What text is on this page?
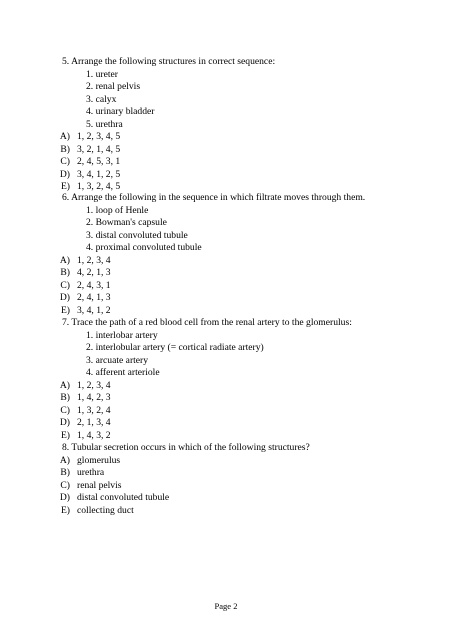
5. Arrange the following structures in correct sequence:
1. ureter
2. renal pelvis
3. calyx
4. urinary bladder
5. urethra
A) 1, 2, 3, 4, 5
B) 3, 2, 1, 4, 5
C) 2, 4, 5, 3, 1
D) 3, 4, 1, 2, 5
E) 1, 3, 2, 4, 5
6. Arrange the following in the sequence in which filtrate moves through them.
1. loop of Henle
2. Bowman's capsule
3. distal convoluted tubule
4. proximal convoluted tubule
A) 1, 2, 3, 4
B) 4, 2, 1, 3
C) 2, 4, 3, 1
D) 2, 4, 1, 3
E) 3, 4, 1, 2
7. Trace the path of a red blood cell from the renal artery to the glomerulus:
1. interlobar artery
2. interlobular artery (= cortical radiate artery)
3. arcuate artery
4. afferent arteriole
A) 1, 2, 3, 4
B) 1, 4, 2, 3
C) 1, 3, 2, 4
D) 2, 1, 3, 4
E) 1, 4, 3, 2
8. Tubular secretion occurs in which of the following structures?
A) glomerulus
B) urethra
C) renal pelvis
D) distal convoluted tubule
E) collecting duct
Page 2
